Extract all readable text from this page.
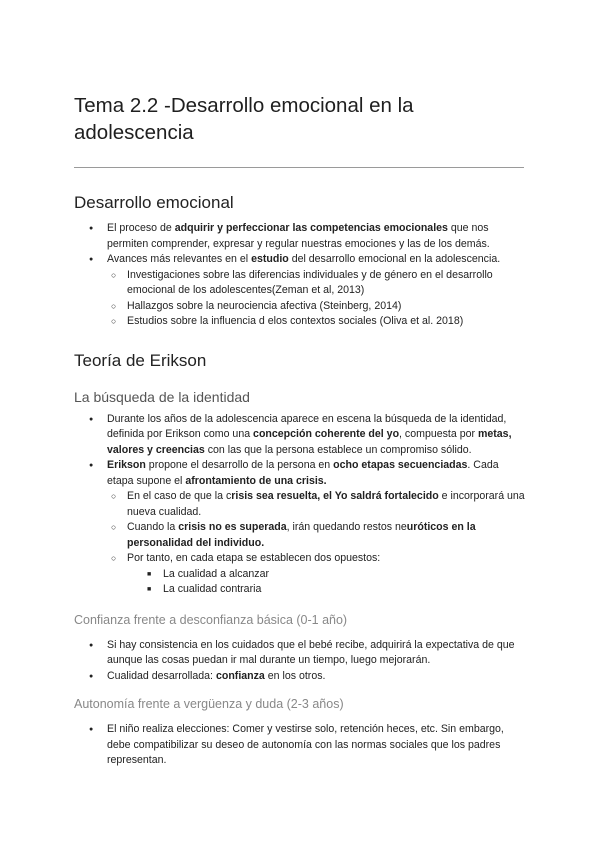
Tema 2.2 -Desarrollo emocional en la adolescencia
Desarrollo emocional
● El proceso de adquirir y perfeccionar las competencias emocionales que nos permiten comprender, expresar y regular nuestras emociones y las de los demás.
● Avances más relevantes en el estudio del desarrollo emocional en la adolescencia.
○ Investigaciones sobre las diferencias individuales y de género en el desarrollo emocional de los adolescentes(Zeman et al, 2013)
○ Hallazgos sobre la neurociencia afectiva (Steinberg, 2014)
○ Estudios sobre la influencia d elos contextos sociales (Oliva et al. 2018)
Teoría de Erikson
La búsqueda de la identidad
● Durante los años de la adolescencia aparece en escena la búsqueda de la identidad, definida por Erikson como una concepción coherente del yo, compuesta por metas, valores y creencias con las que la persona establece un compromiso sólido.
● Erikson propone el desarrollo de la persona en ocho etapas secuenciadas. Cada etapa supone el afrontamiento de una crisis.
○ En el caso de que la crisis sea resuelta, el Yo saldrá fortalecido e incorporará una nueva cualidad.
○ Cuando la crisis no es superada, irán quedando restos neuróticos en la personalidad del individuo.
○ Por tanto, en cada etapa se establecen dos opuestos:
■ La cualidad a alcanzar
■ La cualidad contraria
Confianza frente a desconfianza básica (0-1 año)
● Si hay consistencia en los cuidados que el bebé recibe, adquirirá la expectativa de que aunque las cosas puedan ir mal durante un tiempo, luego mejorarán.
● Cualidad desarrollada: confianza en los otros.
Autonomía frente a vergüenza y duda (2-3 años)
● El niño realiza elecciones: Comer y vestirse solo, retención heces, etc. Sin embargo, debe compatibilizar su deseo de autonomía con las normas sociales que los padres representan.
